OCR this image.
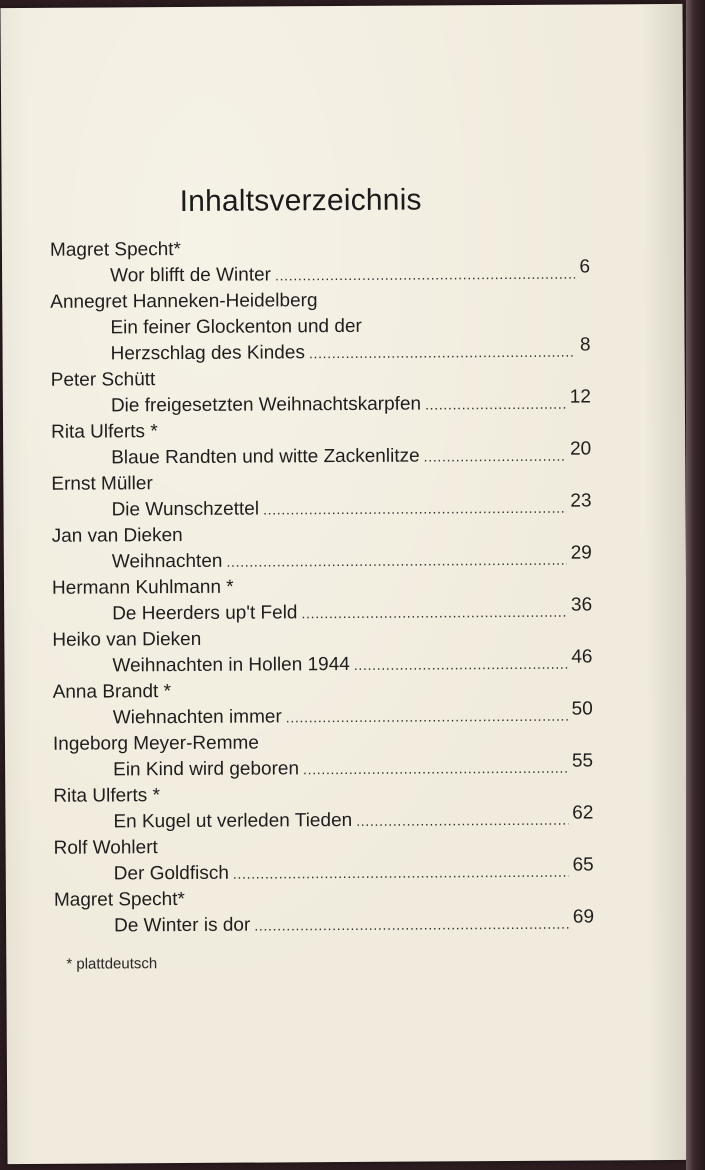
Inhaltsverzeichnis
Magret Specht*
Wor blifft de Winter . . .	6
Annegret Hanneken-Heidelberg
Ein feiner Glockenton und der
Herzschlag des Kindes . . .	8
Peter Schütt
Die freigesetzten Weihnachtskarpfen . . .	12
Rita Ulferts *
Blaue Randten und witte Zackenlitze . . .	20
Ernst Müller
Die Wunschzettel . . .	23
Jan van Dieken
Weihnachten . . .	29
Hermann Kuhlmann *
De Heerders up't Feld . . .	36
Heiko van Dieken
Weihnachten in Hollen 1944 . . .	46
Anna Brandt *
Wiehnachten immer . . .	50
Ingeborg Meyer-Remme
Ein Kind wird geboren . . .	55
Rita Ulferts *
En Kugel ut verleden Tieden . . .	62
Rolf Wohlert
Der Goldfisch . . .	65
Magret Specht*
De Winter is dor . . .	69

* plattdeutsch
